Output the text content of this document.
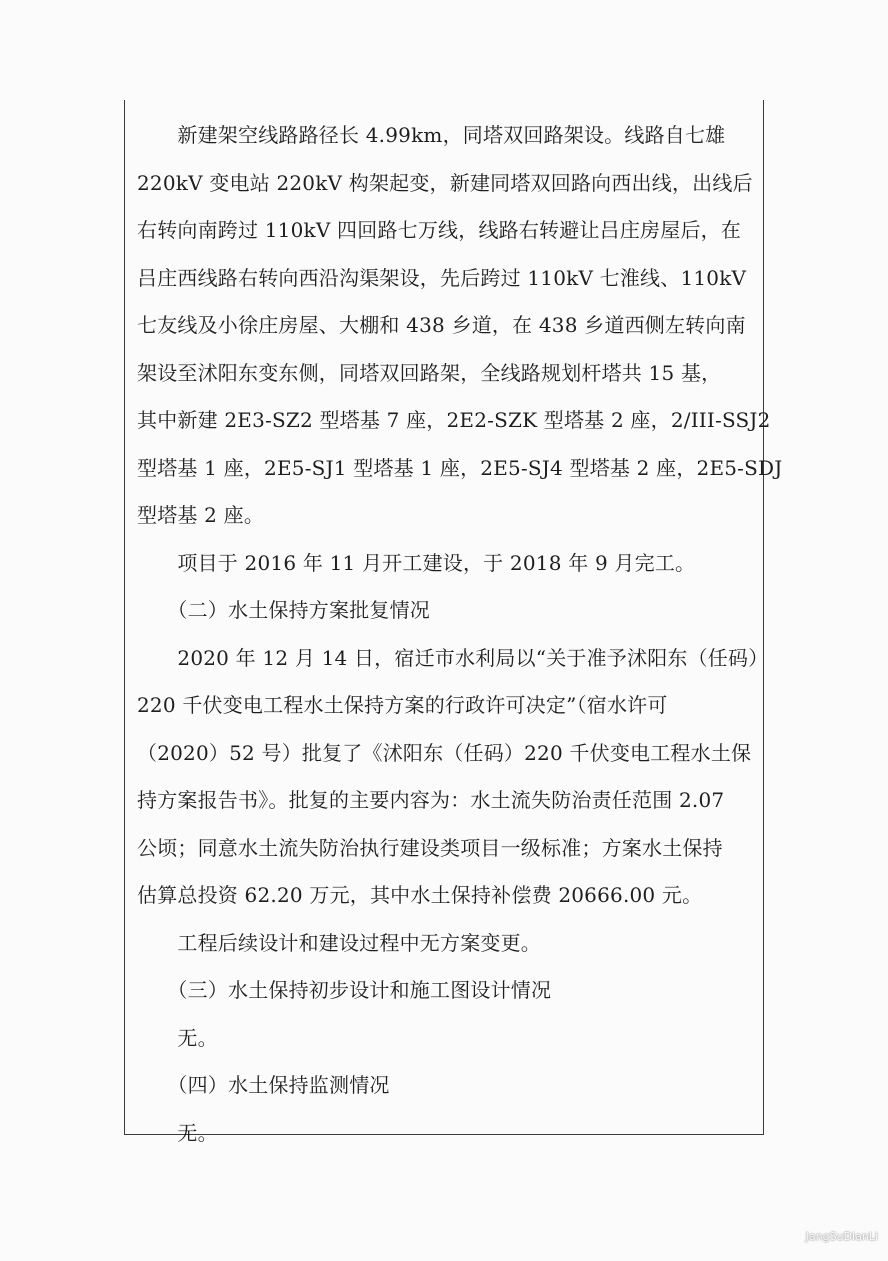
　　新建架空线路路径长 4.99km，同塔双回路架设。线路自七雄
220kV 变电站 220kV 构架起变，新建同塔双回路向西出线，出线后
右转向南跨过 110kV 四回路七万线，线路右转避让吕庄房屋后，在
吕庄西线路右转向西沿沟渠架设，先后跨过 110kV 七淮线、110kV
七友线及小徐庄房屋、大棚和 438 乡道，在 438 乡道西侧左转向南
架设至沭阳东变东侧，同塔双回路架，全线路规划杆塔共 15 基，
其中新建 2E3-SZ2 型塔基 7 座，2E2-SZK 型塔基 2 座，2/III-SSJ2
型塔基 1 座，2E5-SJ1 型塔基 1 座，2E5-SJ4 型塔基 2 座，2E5-SDJ
型塔基 2 座。
　　项目于 2016 年 11 月开工建设，于 2018 年 9 月完工。
　　（二）水土保持方案批复情况
　　2020 年 12 月 14 日，宿迁市水利局以“关于准予沭阳东（任码）
220 千伏变电工程水土保持方案的行政许可决定”（宿水许可
（2020）52 号）批复了《沭阳东（任码）220 千伏变电工程水土保
持方案报告书》。批复的主要内容为：水土流失防治责任范围 2.07
公顷；同意水土流失防治执行建设类项目一级标准；方案水土保持
估算总投资 62.20 万元，其中水土保持补偿费 20666.00 元。
　　工程后续设计和建设过程中无方案变更。
　　（三）水土保持初步设计和施工图设计情况
　　无。
　　（四）水土保持监测情况
　　无。
JangSuDianLi
